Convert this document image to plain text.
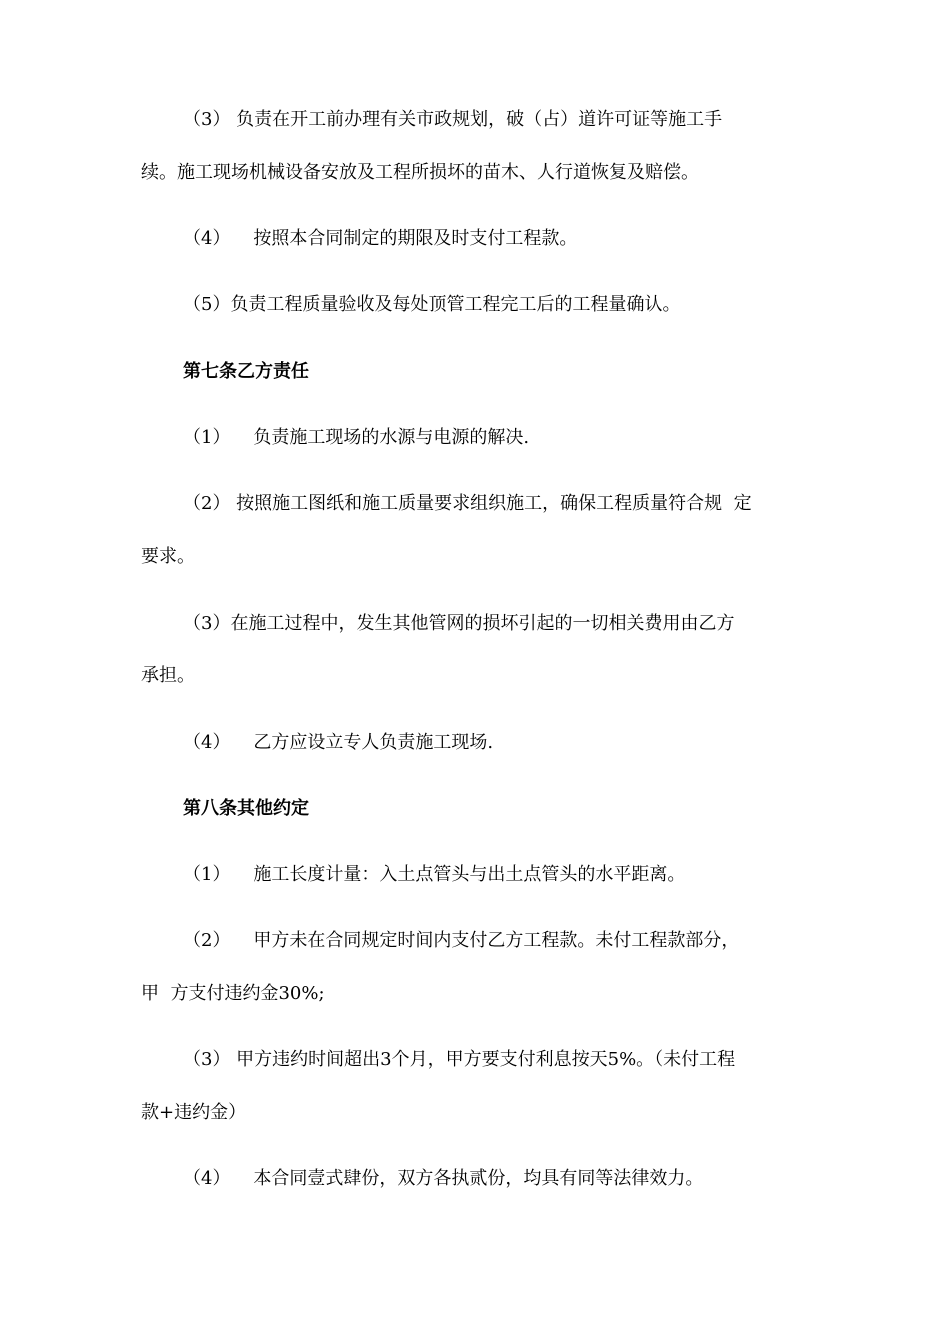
（3） 负责在开工前办理有关市政规划，破（占）道许可证等施工手
续。施工现场机械设备安放及工程所损坏的苗木、人行道恢复及赔偿。
（4）    按照本合同制定的期限及时支付工程款。
（5）负责工程质量验收及每处顶管工程完工后的工程量确认。
第七条乙方责任
（1）    负责施工现场的水源与电源的解决.
（2） 按照施工图纸和施工质量要求组织施工，确保工程质量符合规  定
要求。
（3）在施工过程中，发生其他管网的损坏引起的一切相关费用由乙方
承担。
（4）    乙方应设立专人负责施工现场.
第八条其他约定
（1）    施工长度计量：入土点管头与出土点管头的水平距离。
（2）    甲方未在合同规定时间内支付乙方工程款。未付工程款部分，
甲  方支付违约金30%;
（3） 甲方违约时间超出3个月，甲方要支付利息按天5%。（未付工程
款+违约金）
（4）    本合同壹式肆份，双方各执贰份，均具有同等法律效力。
